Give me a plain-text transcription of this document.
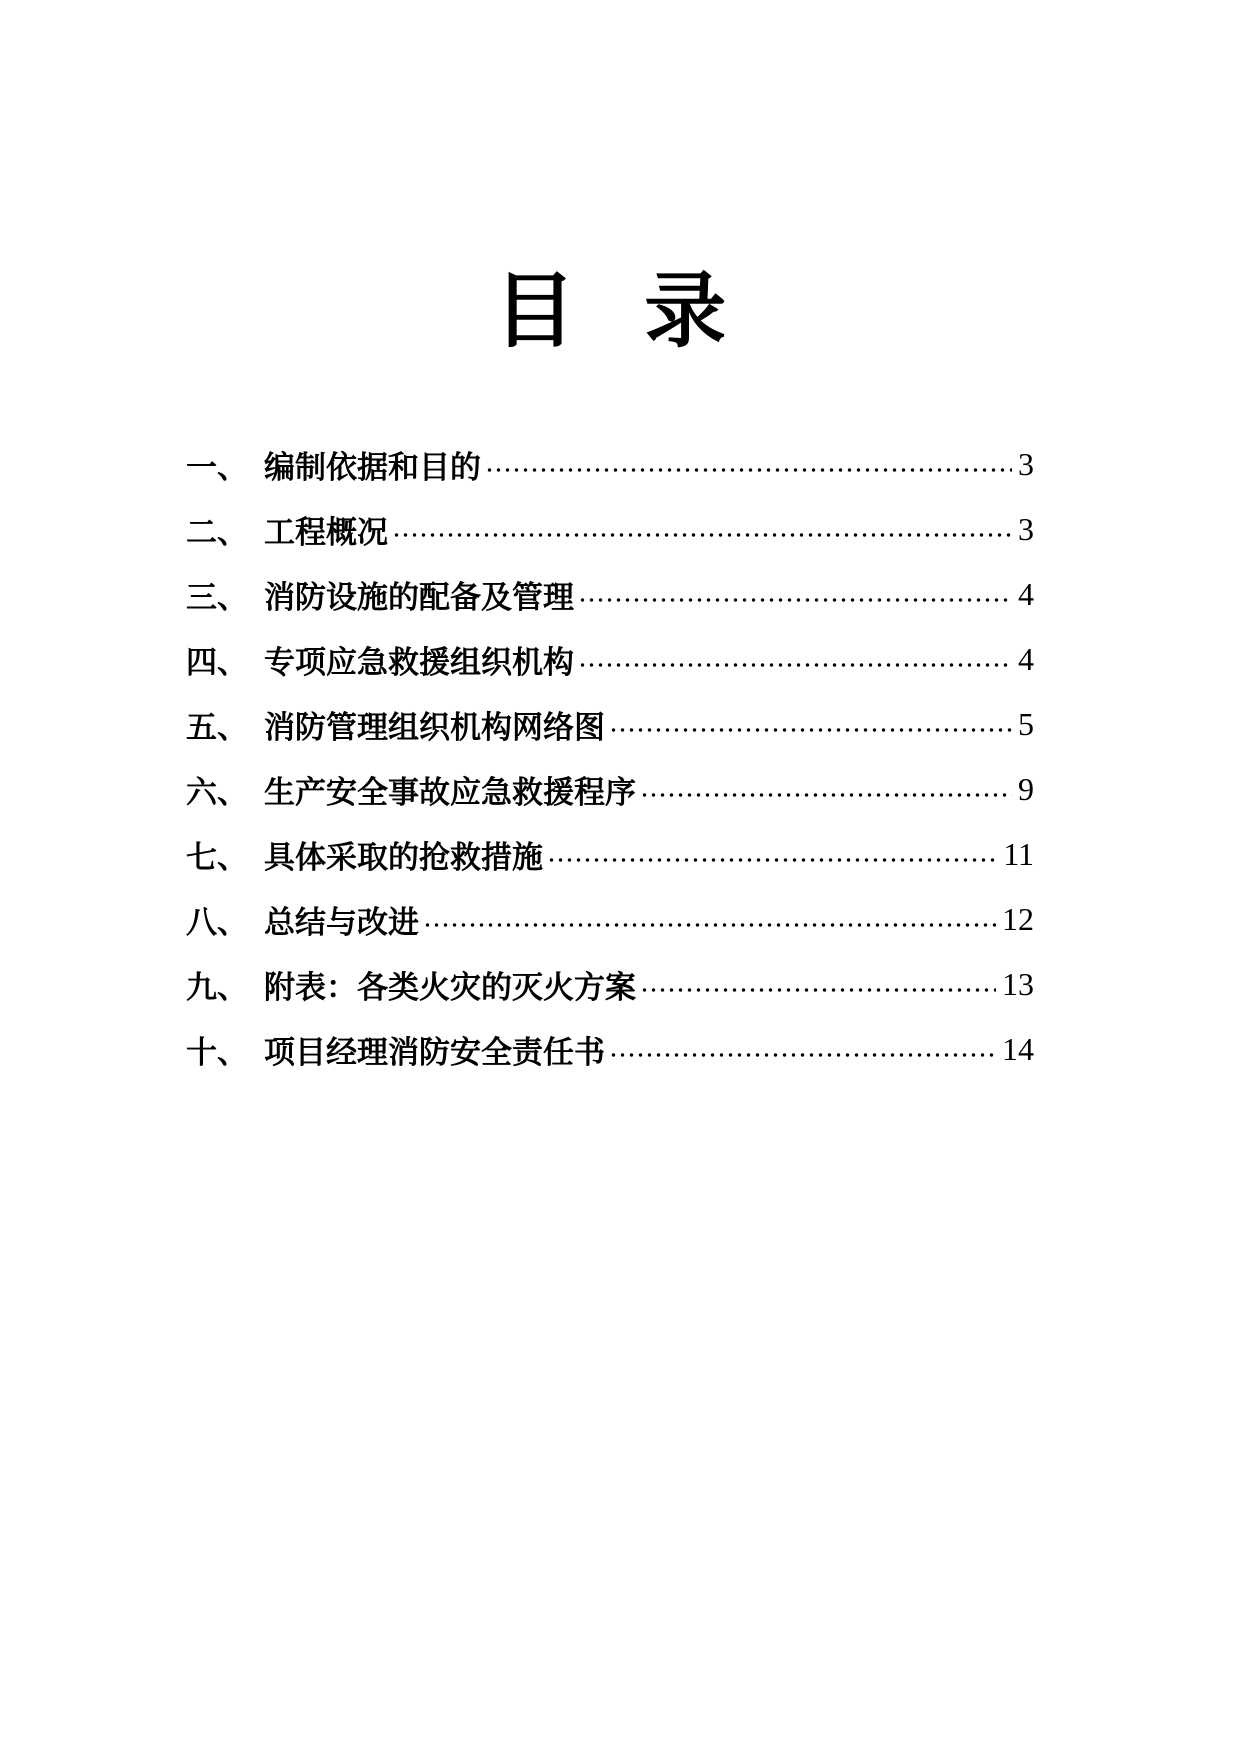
目 录
一、 编制依据和目的	3
二、 工程概况	3
三、 消防设施的配备及管理	4
四、 专项应急救援组织机构	4
五、 消防管理组织机构网络图	5
六、 生产安全事故应急救援程序	9
七、 具体采取的抢救措施	11
八、 总结与改进	12
九、 附表：各类火灾的灭火方案	13
十、 项目经理消防安全责任书	14
